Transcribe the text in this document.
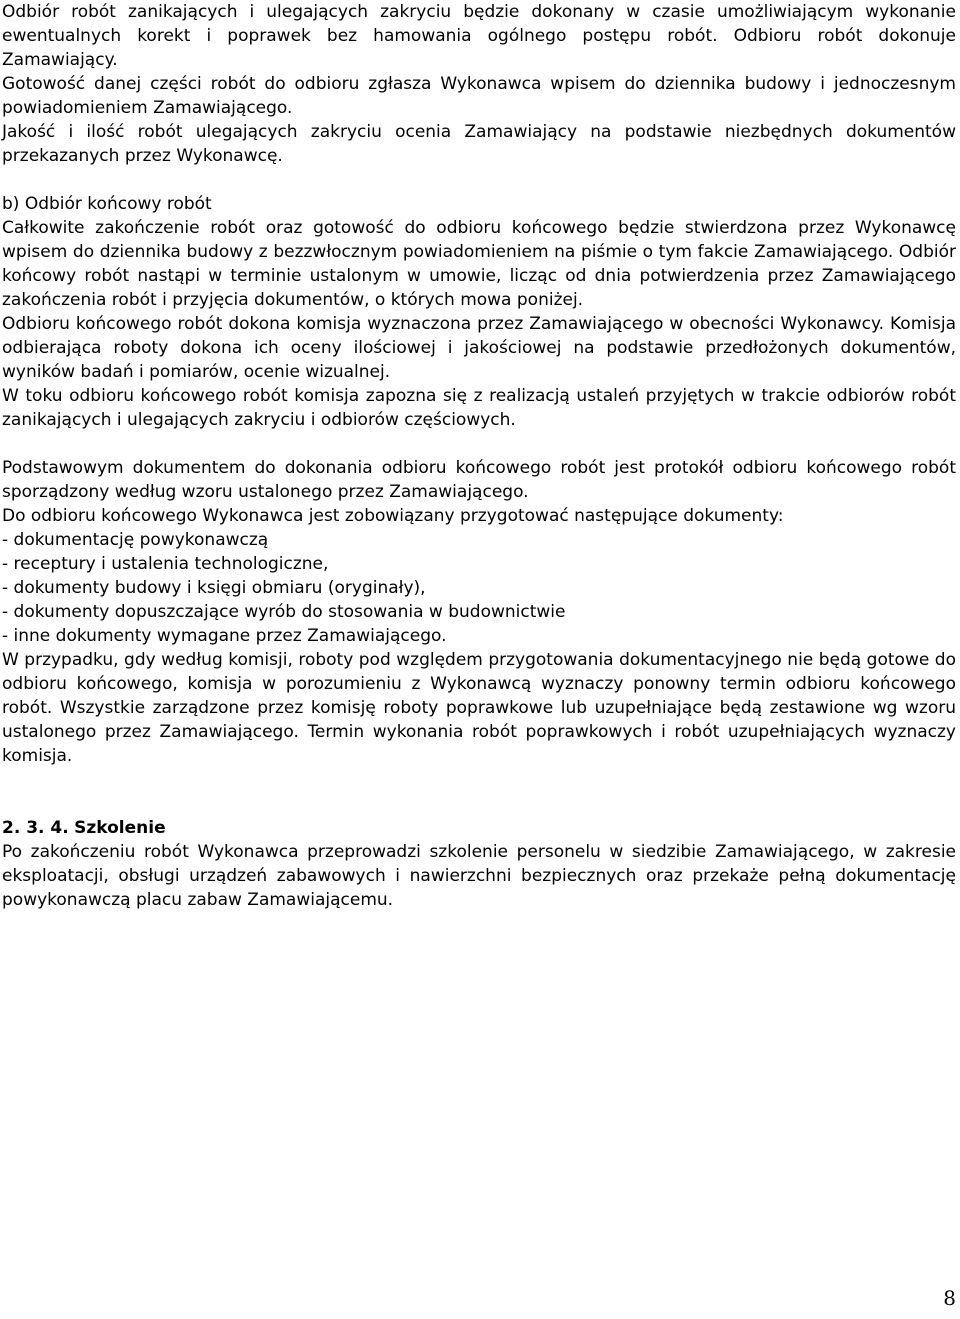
Odbiór robót zanikających i ulegających zakryciu będzie dokonany w czasie umożliwiającym wykonanie ewentualnych korekt i poprawek bez hamowania ogólnego postępu robót. Odbioru robót dokonuje Zamawiający.

Gotowość danej części robót do odbioru zgłasza Wykonawca wpisem do dziennika budowy i jednoczesnym powiadomieniem Zamawiającego.

Jakość i ilość robót ulegających zakryciu ocenia Zamawiający na podstawie niezbędnych dokumentów przekazanych przez Wykonawcę.

b) Odbiór końcowy robót

Całkowite zakończenie robót oraz gotowość do odbioru końcowego będzie stwierdzona przez Wykonawcę wpisem do dziennika budowy z bezzwłocznym powiadomieniem na piśmie o tym fakcie Zamawiającego. Odbiór końcowy robót nastąpi w terminie ustalonym w umowie, licząc od dnia potwierdzenia przez Zamawiającego zakończenia robót i przyjęcia dokumentów, o których mowa poniżej.

Odbioru końcowego robót dokona komisja wyznaczona przez Zamawiającego w obecności Wykonawcy. Komisja odbierająca roboty dokona ich oceny ilościowej i jakościowej na podstawie przedłożonych dokumentów, wyników badań i pomiarów, ocenie wizualnej.

W toku odbioru końcowego robót komisja zapozna się z realizacją ustaleń przyjętych w trakcie odbiorów robót zanikających i ulegających zakryciu i odbiorów częściowych.

Podstawowym dokumentem do dokonania odbioru końcowego robót jest protokół odbioru końcowego robót sporządzony według wzoru ustalonego przez Zamawiającego.

Do odbioru końcowego Wykonawca jest zobowiązany przygotować następujące dokumenty:

- dokumentację powykonawczą

- receptury i ustalenia technologiczne,

- dokumenty budowy i księgi obmiaru (oryginały),

- dokumenty dopuszczające wyrób do stosowania w budownictwie

- inne dokumenty wymagane przez Zamawiającego.

W przypadku, gdy według komisji, roboty pod względem przygotowania dokumentacyjnego nie będą gotowe do odbioru końcowego, komisja w porozumieniu z Wykonawcą wyznaczy ponowny termin odbioru końcowego robót. Wszystkie zarządzone przez komisję roboty poprawkowe lub uzupełniające będą zestawione wg wzoru ustalonego przez Zamawiającego. Termin wykonania robót poprawkowych i robót uzupełniających wyznaczy komisja.

2. 3. 4. Szkolenie

Po zakończeniu robót Wykonawca przeprowadzi szkolenie personelu w siedzibie Zamawiającego, w zakresie eksploatacji, obsługi urządzeń zabawowych i nawierzchni bezpiecznych oraz przekaże pełną dokumentację powykonawczą placu zabaw Zamawiającemu.

8
